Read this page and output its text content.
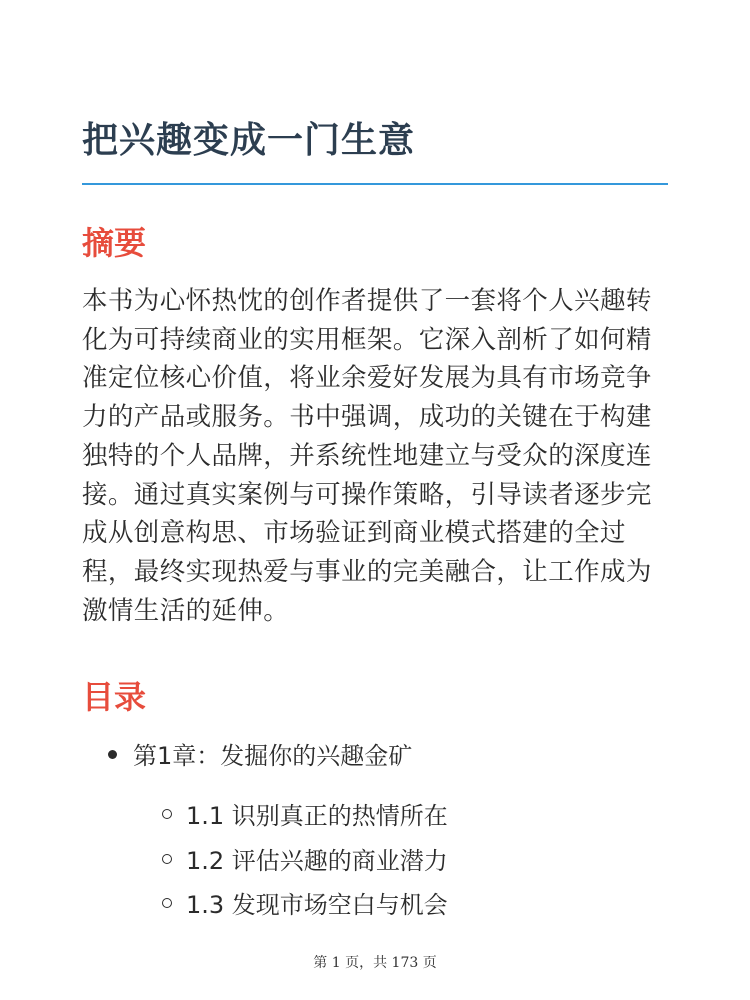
把兴趣变成一门生意
摘要

本书为心怀热忱的创作者提供了一套将个人兴趣转化为可持续商业的实用框架。它深入剖析了如何精准定位核心价值，将业余爱好发展为具有市场竞争力的产品或服务。书中强调，成功的关键在于构建独特的个人品牌，并系统性地建立与受众的深度连接。通过真实案例与可操作策略，引导读者逐步完成从创意构思、市场验证到商业模式搭建的全过程，最终实现热爱与事业的完美融合，让工作成为激情生活的延伸。

目录
第1章：发掘你的兴趣金矿
1.1 识别真正的热情所在
1.2 评估兴趣的商业潜力
1.3 发现市场空白与机会
第 1 页，共 173 页
